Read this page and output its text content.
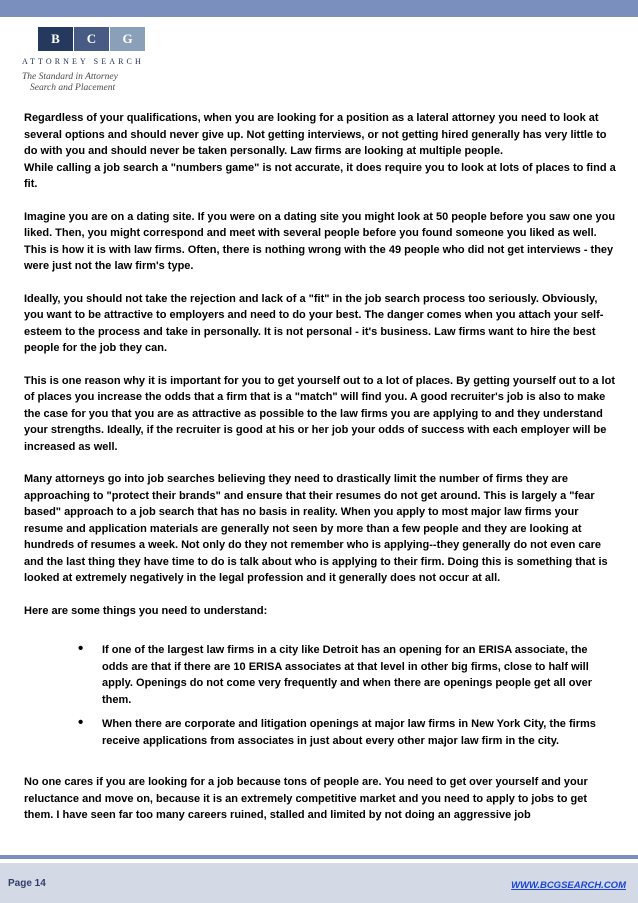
B	C	G
ATTORNEY SEARCH
The Standard in Attorney
Search and Placement

Regardless of your qualifications, when you are looking for a position as a lateral attorney you need to look at several options and should never give up. Not getting interviews, or not getting hired generally has very little to do with you and should never be taken personally. Law firms are looking at multiple people.

While calling a job search a "numbers game" is not accurate, it does require you to look at lots of places to find a fit.

Imagine you are on a dating site. If you were on a dating site you might look at 50 people before you saw one you liked. Then, you might correspond and meet with several people before you found someone you liked as well. This is how it is with law firms. Often, there is nothing wrong with the 49 people who did not get interviews - they were just not the law firm's type.

Ideally, you should not take the rejection and lack of a "fit" in the job search process too seriously. Obviously, you want to be attractive to employers and need to do your best. The danger comes when you attach your self-esteem to the process and take in personally. It is not personal - it's business. Law firms want to hire the best people for the job they can.

This is one reason why it is important for you to get yourself out to a lot of places. By getting yourself out to a lot of places you increase the odds that a firm that is a "match" will find you. A good recruiter's job is also to make the case for you that you are as attractive as possible to the law firms you are applying to and they understand your strengths. Ideally, if the recruiter is good at his or her job your odds of success with each employer will be increased as well.

Many attorneys go into job searches believing they need to drastically limit the number of firms they are approaching to "protect their brands" and ensure that their resumes do not get around. This is largely a "fear based" approach to a job search that has no basis in reality. When you apply to most major law firms your resume and application materials are generally not seen by more than a few people and they are looking at hundreds of resumes a week. Not only do they not remember who is applying--they generally do not even care and the last thing they have time to do is talk about who is applying to their firm. Doing this is something that is looked at extremely negatively in the legal profession and it generally does not occur at all.

Here are some things you need to understand:

• If one of the largest law firms in a city like Detroit has an opening for an ERISA associate, the odds are that if there are 10 ERISA associates at that level in other big firms, close to half will apply. Openings do not come very frequently and when there are openings people get all over them.
• When there are corporate and litigation openings at major law firms in New York City, the firms receive applications from associates in just about every other major law firm in the city.

No one cares if you are looking for a job because tons of people are. You need to get over yourself and your reluctance and move on, because it is an extremely competitive market and you need to apply to jobs to get them. I have seen far too many careers ruined, stalled and limited by not doing an aggressive job

Page 14	WWW.BCGSEARCH.COM
